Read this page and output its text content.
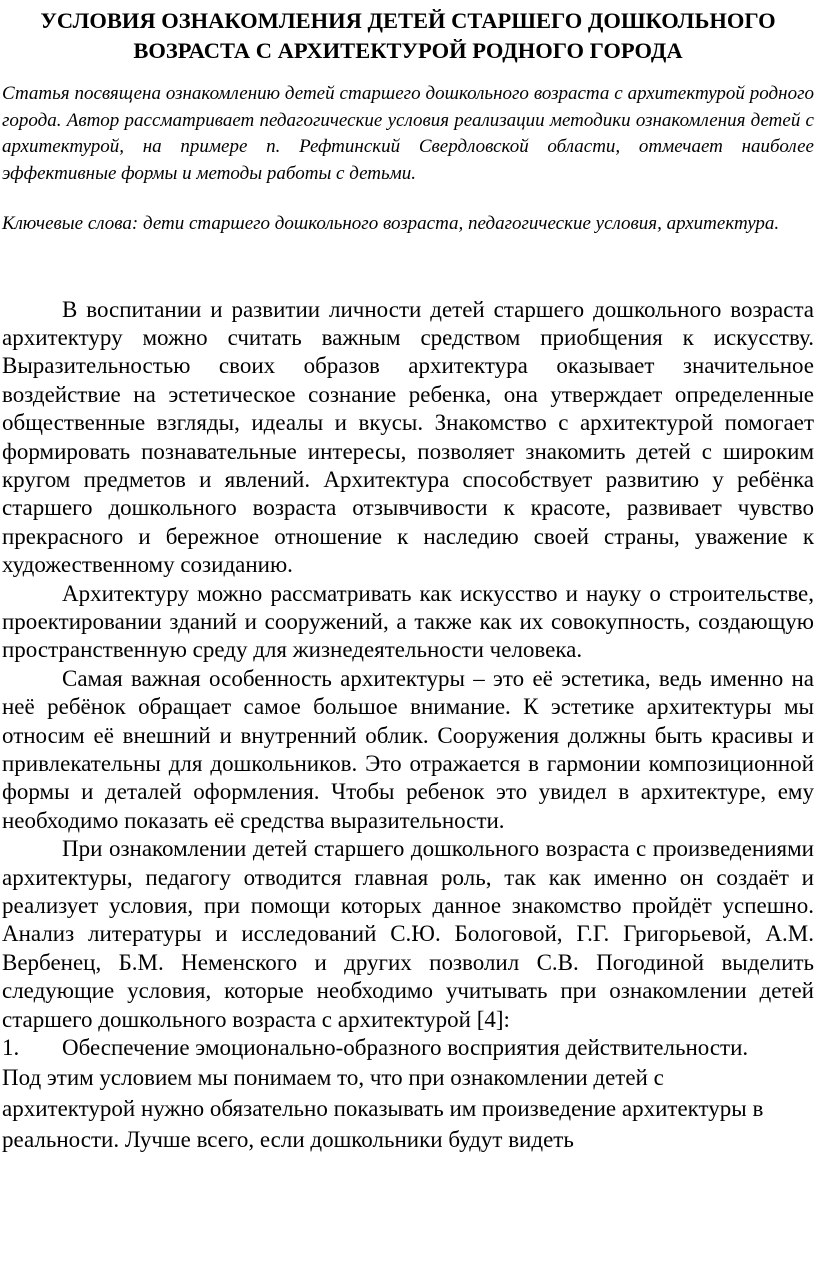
УСЛОВИЯ ОЗНАКОМЛЕНИЯ ДЕТЕЙ СТАРШЕГО ДОШКОЛЬНОГО ВОЗРАСТА С АРХИТЕКТУРОЙ РОДНОГО ГОРОДА

Статья посвящена ознакомлению детей старшего дошкольного возраста с архитектурой родного города. Автор рассматривает педагогические условия реализации методики ознакомления детей с архитектурой, на примере п. Рефтинский Свердловской области, отмечает наиболее эффективные формы и методы работы с детьми.

Ключевые слова: дети старшего дошкольного возраста, педагогические условия, архитектура.

В воспитании и развитии личности детей старшего дошкольного возраста архитектуру можно считать важным средством приобщения к искусству. Выразительностью своих образов архитектура оказывает значительное воздействие на эстетическое сознание ребенка, она утверждает определенные общественные взгляды, идеалы и вкусы. Знакомство с архитектурой помогает формировать познавательные интересы, позволяет знакомить детей с широким кругом предметов и явлений. Архитектура способствует развитию у ребёнка старшего дошкольного возраста отзывчивости к красоте, развивает чувство прекрасного и бережное отношение к наследию своей страны, уважение к художественному созиданию.

Архитектуру можно рассматривать как искусство и науку о строительстве, проектировании зданий и сооружений, а также как их совокупность, создающую пространственную среду для жизнедеятельности человека.

Самая важная особенность архитектуры – это её эстетика, ведь именно на неё ребёнок обращает самое большое внимание. К эстетике архитектуры мы относим её внешний и внутренний облик. Сооружения должны быть красивы и привлекательны для дошкольников. Это отражается в гармонии композиционной формы и деталей оформления. Чтобы ребенок это увидел в архитектуре, ему необходимо показать её средства выразительности.

При ознакомлении детей старшего дошкольного возраста с произведениями архитектуры, педагогу отводится главная роль, так как именно он создаёт и реализует условия, при помощи которых данное знакомство пройдёт успешно. Анализ литературы и исследований С.Ю. Бологовой, Г.Г. Григорьевой, А.М. Вербенец, Б.М. Неменского и других позволил С.В. Погодиной выделить следующие условия, которые необходимо учитывать при ознакомлении детей старшего дошкольного возраста с архитектурой [4]:

1.	Обеспечение эмоционально-образного восприятия действительности.

Под этим условием мы понимаем то, что при ознакомлении детей с

архитектурой нужно обязательно показывать им произведение архитектуры в

реальности. Лучше всего, если дошкольники будут видеть
